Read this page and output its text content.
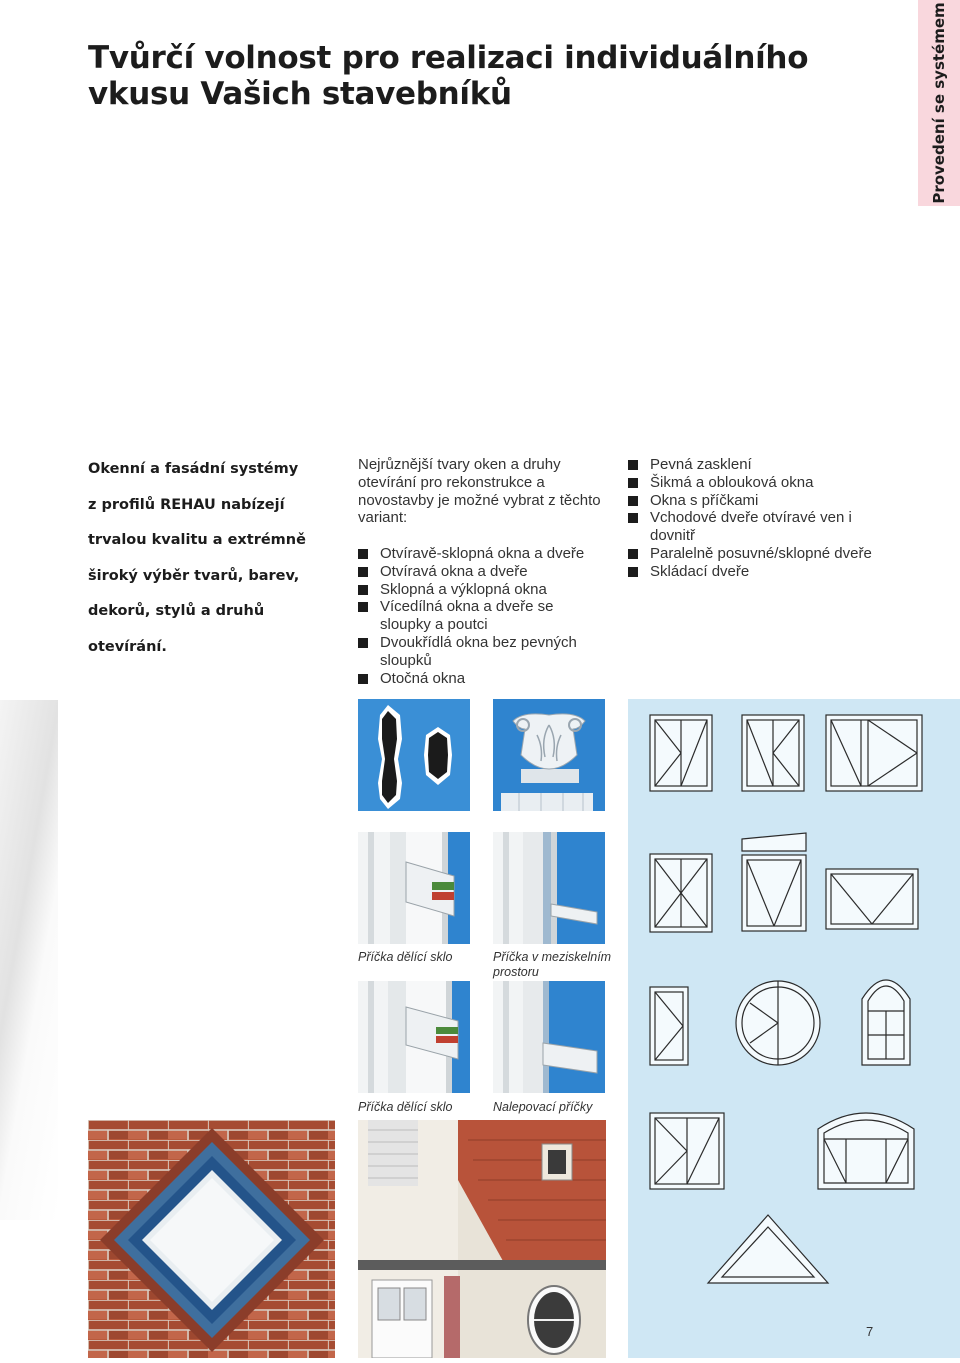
Tvůrčí volnost pro realizaci individuálního
vkusu Vašich stavebníků	Provedení se systémem
Okenní a fasádní systémy
z profilů REHAU nabízejí
trvalou kvalitu a extrémně
široký výběr tvarů, barev,
dekorů, stylů a druhů
otevírání.

Nejrůznější tvary oken a druhy otevírání pro rekonstrukce a novostavby je možné vybrat z těchto variant:

Otvíravě-sklopná okna a dveře
Otvíravá okna a dveře
Sklopná a výklopná okna
Vícedílná okna a dveře se sloupky a poutci
Dvoukřídlá okna bez pevných sloupků
Otočná okna
Pevná zasklení
Šikmá a oblouková okna
Okna s příčkami
Vchodové dveře otvíravé ven i dovnitř
Paralelně posuvné/sklopné dveře
Skládací dveře
Příčka dělící sklo	Příčka v meziskelním prostoru
Příčka dělící sklo	Nalepovací příčky
7
